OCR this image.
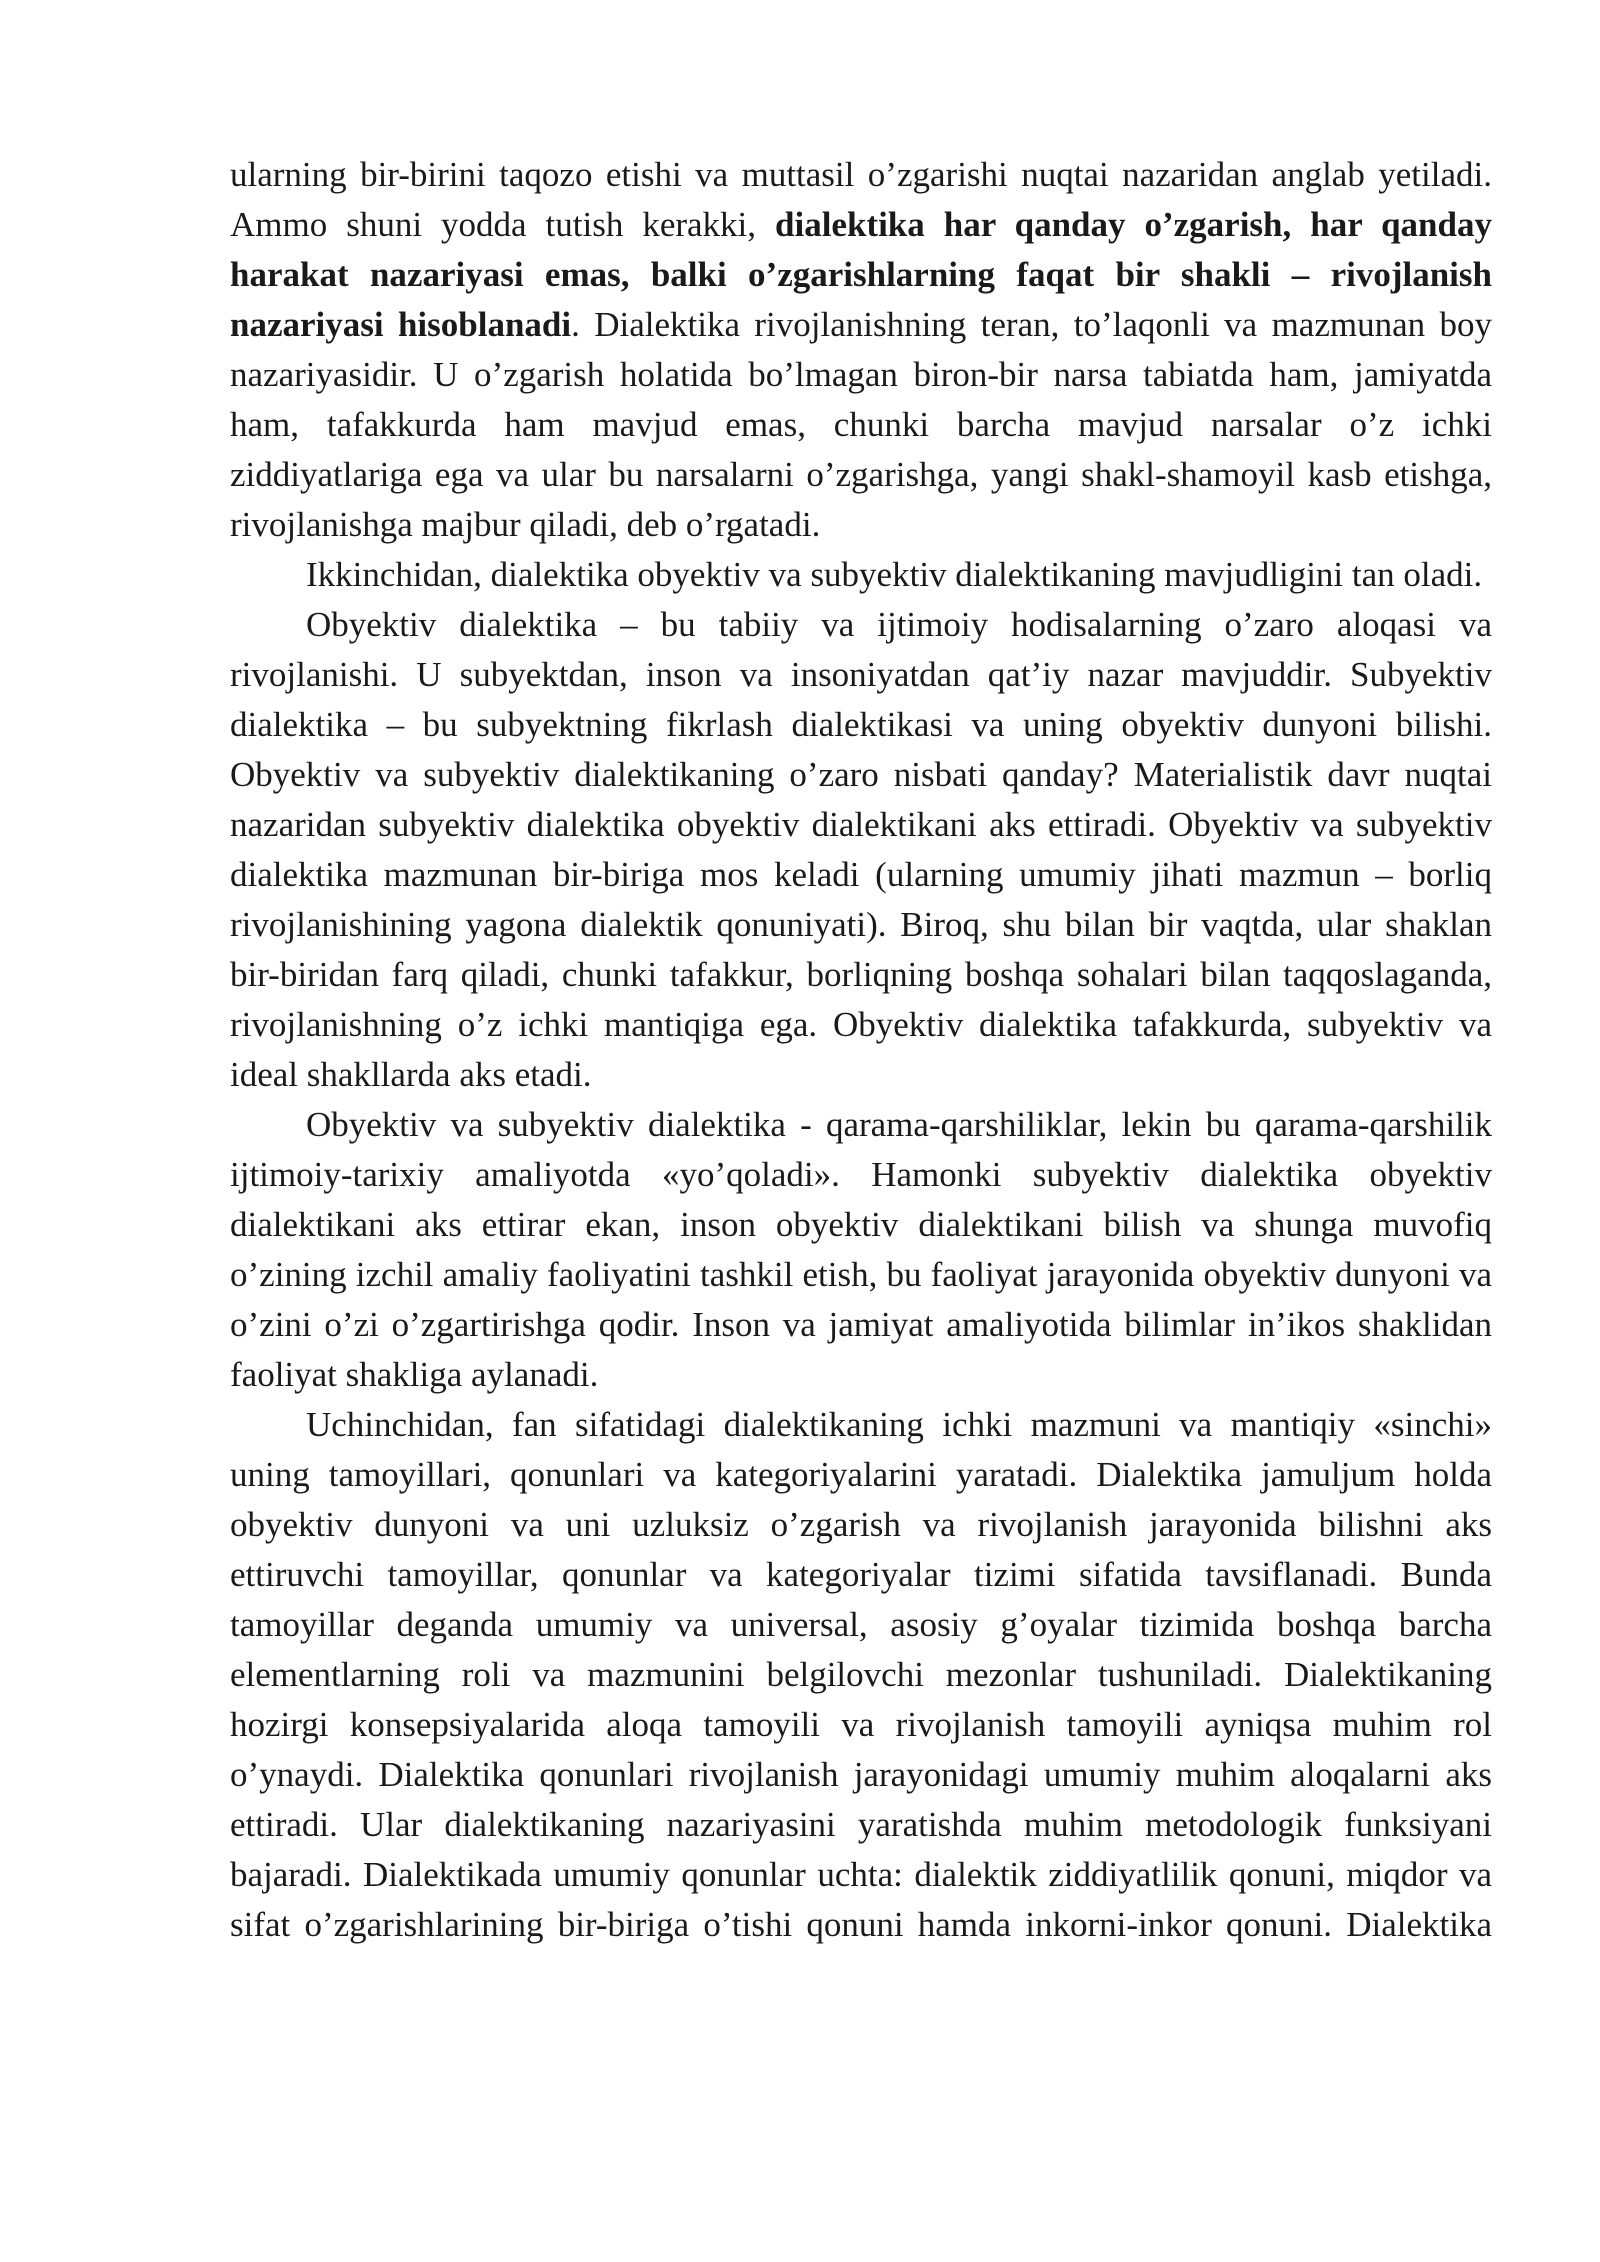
ularning bir-birini taqozo etishi va muttasil o’zgarishi nuqtai nazaridan anglab yetiladi. Ammo shuni yodda tutish kerakki, dialektika har qanday o’zgarish, har qanday harakat nazariyasi emas, balki o’zgarishlarning faqat bir shakli – rivojlanish nazariyasi hisoblanadi. Dialektika rivojlanishning teran, to’laqonli va mazmunan boy nazariyasidir. U o’zgarish holatida bo’lmagan biron-bir narsa tabiatda ham, jamiyatda ham, tafakkurda ham mavjud emas, chunki barcha mavjud narsalar o’z ichki ziddiyatlariga ega va ular bu narsalarni o’zgarishga, yangi shakl-shamoyil kasb etishga, rivojlanishga majbur qiladi, deb o’rgatadi.

Ikkinchidan, dialektika obyektiv va subyektiv dialektikaning mavjudligini tan oladi.

Obyektiv dialektika – bu tabiiy va ijtimoiy hodisalarning o’zaro aloqasi va rivojlanishi. U subyektdan, inson va insoniyatdan qat’iy nazar mavjuddir. Subyektiv dialektika – bu subyektning fikrlash dialektikasi va uning obyektiv dunyoni bilishi. Obyektiv va subyektiv dialektikaning o’zaro nisbati qanday? Materialistik davr nuqtai nazaridan subyektiv dialektika obyektiv dialektikani aks ettiradi. Obyektiv va subyektiv dialektika mazmunan bir-biriga mos keladi (ularning umumiy jihati mazmun – borliq rivojlanishining yagona dialektik qonuniyati). Biroq, shu bilan bir vaqtda, ular shaklan bir-biridan farq qiladi, chunki tafakkur, borliqning boshqa sohalari bilan taqqoslaganda, rivojlanishning o’z ichki mantiqiga ega. Obyektiv dialektika tafakkurda, subyektiv va ideal shakllarda aks etadi.

Obyektiv va subyektiv dialektika - qarama-qarshiliklar, lekin bu qarama-qarshilik ijtimoiy-tarixiy amaliyotda «yo’qoladi». Hamonki subyektiv dialektika obyektiv dialektikani aks ettirar ekan, inson obyektiv dialektikani bilish va shunga muvofiq o’zining izchil amaliy faoliyatini tashkil etish, bu faoliyat jarayonida obyektiv dunyoni va o’zini o’zi o’zgartirishga qodir. Inson va jamiyat amaliyotida bilimlar in’ikos shaklidan faoliyat shakliga aylanadi.

Uchinchidan, fan sifatidagi dialektikaning ichki mazmuni va mantiqiy «sinchi» uning tamoyillari, qonunlari va kategoriyalarini yaratadi. Dialektika jamuljum holda obyektiv dunyoni va uni uzluksiz o’zgarish va rivojlanish jarayonida bilishni aks ettiruvchi tamoyillar, qonunlar va kategoriyalar tizimi sifatida tavsiflanadi. Bunda tamoyillar deganda umumiy va universal, asosiy g’oyalar tizimida boshqa barcha elementlarning roli va mazmunini belgilovchi mezonlar tushuniladi. Dialektikaning hozirgi konsepsiyalarida aloqa tamoyili va rivojlanish tamoyili ayniqsa muhim rol o’ynaydi. Dialektika qonunlari rivojlanish jarayonidagi umumiy muhim aloqalarni aks ettiradi. Ular dialektikaning nazariyasini yaratishda muhim metodologik funksiyani bajaradi. Dialektikada umumiy qonunlar uchta: dialektik ziddiyatlilik qonuni, miqdor va sifat o’zgarishlarining bir-biriga o’tishi qonuni hamda inkorni-inkor qonuni. Dialektika
